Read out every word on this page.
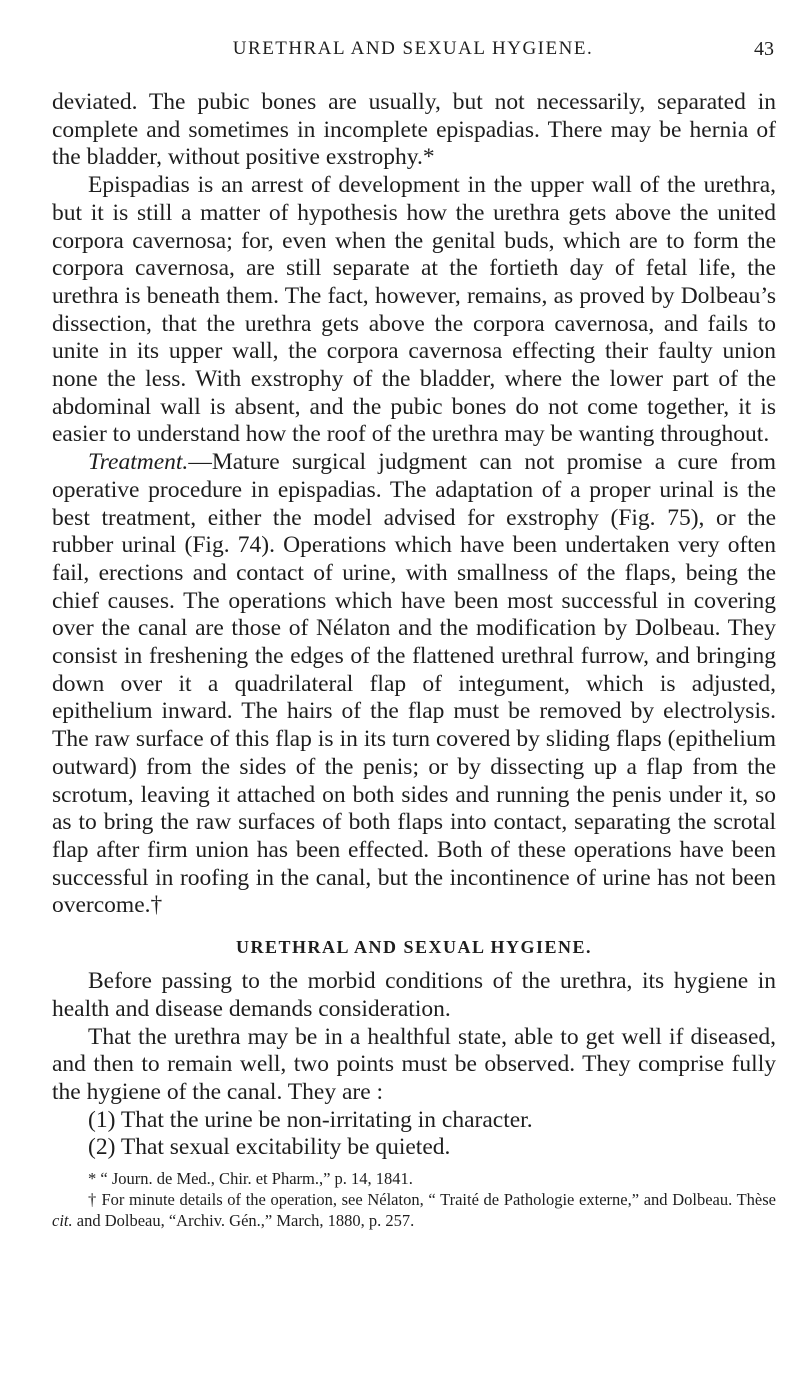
URETHRAL AND SEXUAL HYGIENE.	43

deviated. The pubic bones are usually, but not necessarily, separated in complete and sometimes in incomplete epispadias. There may be hernia of the bladder, without positive exstrophy.*

Epispadias is an arrest of development in the upper wall of the urethra, but it is still a matter of hypothesis how the urethra gets above the united corpora cavernosa; for, even when the genital buds, which are to form the corpora cavernosa, are still separate at the fortieth day of fetal life, the urethra is beneath them. The fact, however, remains, as proved by Dolbeau’s dissection, that the urethra gets above the corpora cavernosa, and fails to unite in its upper wall, the corpora cavernosa effecting their faulty union none the less. With exstrophy of the bladder, where the lower part of the abdominal wall is absent, and the pubic bones do not come together, it is easier to understand how the roof of the urethra may be wanting throughout.

Treatment.—Mature surgical judgment can not promise a cure from operative procedure in epispadias. The adaptation of a proper urinal is the best treatment, either the model advised for exstrophy (Fig. 75), or the rubber urinal (Fig. 74). Operations which have been undertaken very often fail, erections and contact of urine, with smallness of the flaps, being the chief causes. The operations which have been most successful in covering over the canal are those of Nélaton and the modification by Dolbeau. They consist in freshening the edges of the flattened urethral furrow, and bringing down over it a quadrilateral flap of integument, which is adjusted, epithelium inward. The hairs of the flap must be removed by electrolysis. The raw surface of this flap is in its turn covered by sliding flaps (epithelium outward) from the sides of the penis; or by dissecting up a flap from the scrotum, leaving it attached on both sides and running the penis under it, so as to bring the raw surfaces of both flaps into contact, separating the scrotal flap after firm union has been effected. Both of these operations have been successful in roofing in the canal, but the incontinence of urine has not been overcome.†

URETHRAL AND SEXUAL HYGIENE.

Before passing to the morbid conditions of the urethra, its hygiene in health and disease demands consideration.

That the urethra may be in a healthful state, able to get well if diseased, and then to remain well, two points must be observed. They comprise fully the hygiene of the canal. They are :

(1) That the urine be non-irritating in character.

(2) That sexual excitability be quieted.

* “ Journ. de Med., Chir. et Pharm.,” p. 14, 1841.

† For minute details of the operation, see Nélaton, “ Traité de Pathologie externe,” and Dolbeau. Thèse cit. and Dolbeau, “Archiv. Gén.,” March, 1880, p. 257.
